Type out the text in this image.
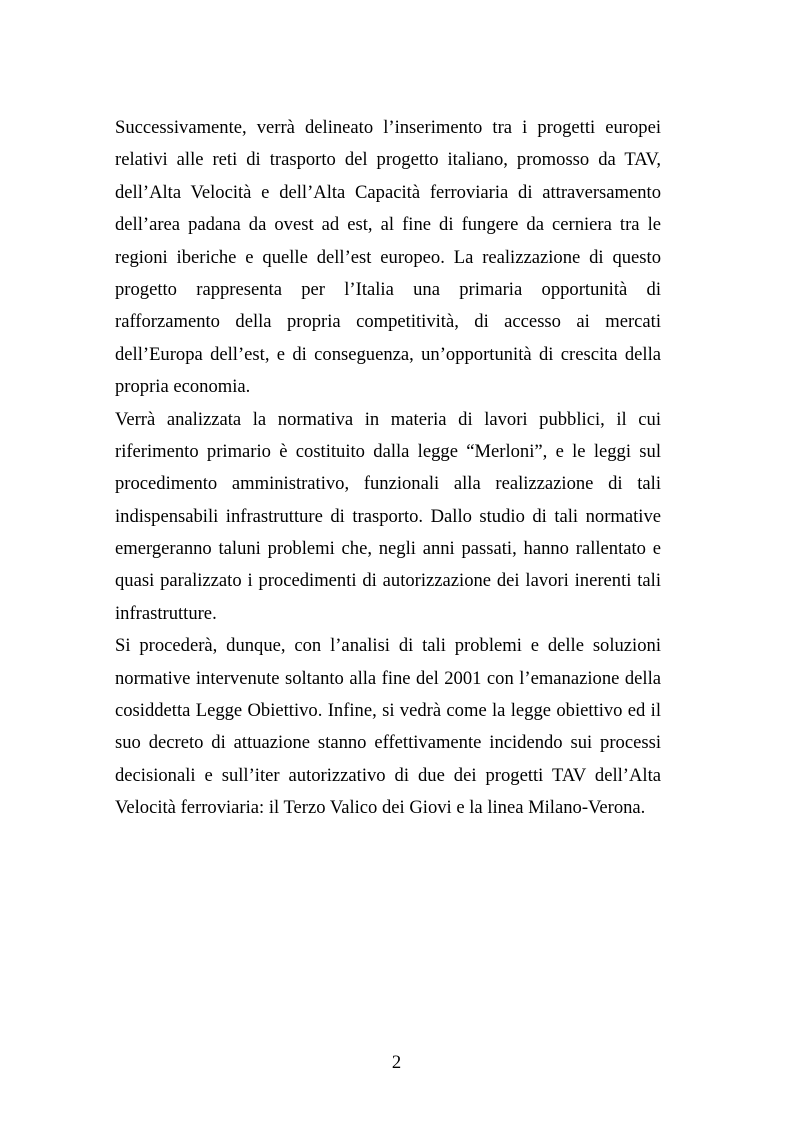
Successivamente, verrà delineato l’inserimento tra i progetti europei
relativi alle reti di trasporto del progetto italiano, promosso da TAV,
dell’Alta Velocità e dell’Alta Capacità ferroviaria di attraversamento
dell’area padana da ovest ad est, al fine di fungere da cerniera tra le
regioni iberiche e quelle dell’est europeo. La realizzazione di questo
progetto rappresenta per l’Italia una primaria opportunità di
rafforzamento della propria competitività, di accesso ai mercati
dell’Europa dell’est, e di conseguenza, un’opportunità di crescita della
propria economia.
Verrà analizzata la normativa in materia di lavori pubblici, il cui
riferimento primario è costituito dalla legge “Merloni”, e le leggi sul
procedimento amministrativo, funzionali alla realizzazione di tali
indispensabili infrastrutture di trasporto. Dallo studio di tali normative
emergeranno taluni problemi che, negli anni passati, hanno rallentato e
quasi paralizzato i procedimenti di autorizzazione dei lavori inerenti tali
infrastrutture.
Si procederà, dunque, con l’analisi di tali problemi e delle soluzioni
normative intervenute soltanto alla fine del 2001 con l’emanazione della
cosiddetta Legge Obiettivo. Infine, si vedrà come la legge obiettivo ed il
suo decreto di attuazione stanno effettivamente incidendo sui processi
decisionali e sull’iter autorizzativo di due dei progetti TAV dell’Alta
Velocità ferroviaria: il Terzo Valico dei Giovi e la linea Milano-Verona.
2
